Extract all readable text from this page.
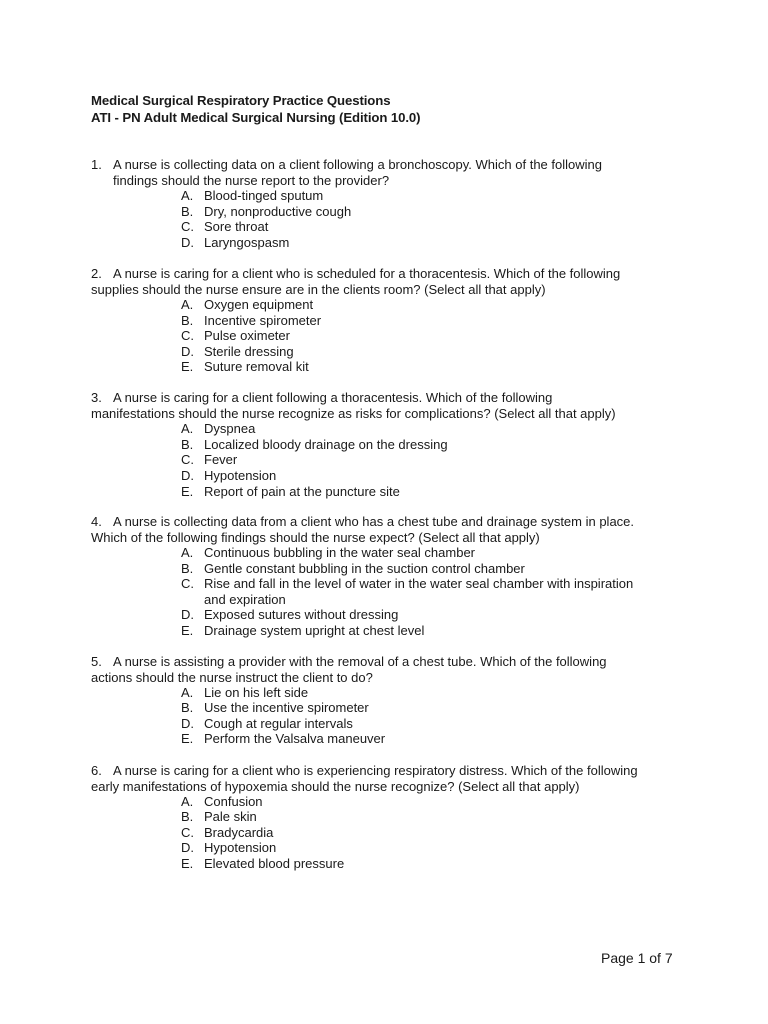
Medical Surgical Respiratory Practice Questions
ATI - PN Adult Medical Surgical Nursing (Edition 10.0)
1. A nurse is collecting data on a client following a bronchoscopy. Which of the following
findings should the nurse report to the provider?
A. Blood-tinged sputum
B. Dry, nonproductive cough
C. Sore throat
D. Laryngospasm
2. A nurse is caring for a client who is scheduled for a thoracentesis. Which of the following
supplies should the nurse ensure are in the clients room? (Select all that apply)
A. Oxygen equipment
B. Incentive spirometer
C. Pulse oximeter
D. Sterile dressing
E. Suture removal kit
3. A nurse is caring for a client following a thoracentesis. Which of the following
manifestations should the nurse recognize as risks for complications? (Select all that apply)
A. Dyspnea
B. Localized bloody drainage on the dressing
C. Fever
D. Hypotension
E. Report of pain at the puncture site
4. A nurse is collecting data from a client who has a chest tube and drainage system in place.
Which of the following findings should the nurse expect? (Select all that apply)
A. Continuous bubbling in the water seal chamber
B. Gentle constant bubbling in the suction control chamber
C. Rise and fall in the level of water in the water seal chamber with inspiration
and expiration
D. Exposed sutures without dressing
E. Drainage system upright at chest level
5. A nurse is assisting a provider with the removal of a chest tube. Which of the following
actions should the nurse instruct the client to do?
A. Lie on his left side
B. Use the incentive spirometer
D. Cough at regular intervals
E. Perform the Valsalva maneuver
6. A nurse is caring for a client who is experiencing respiratory distress. Which of the following
early manifestations of hypoxemia should the nurse recognize? (Select all that apply)
A. Confusion
B. Pale skin
C. Bradycardia
D. Hypotension
E. Elevated blood pressure
Page 1 of 7
